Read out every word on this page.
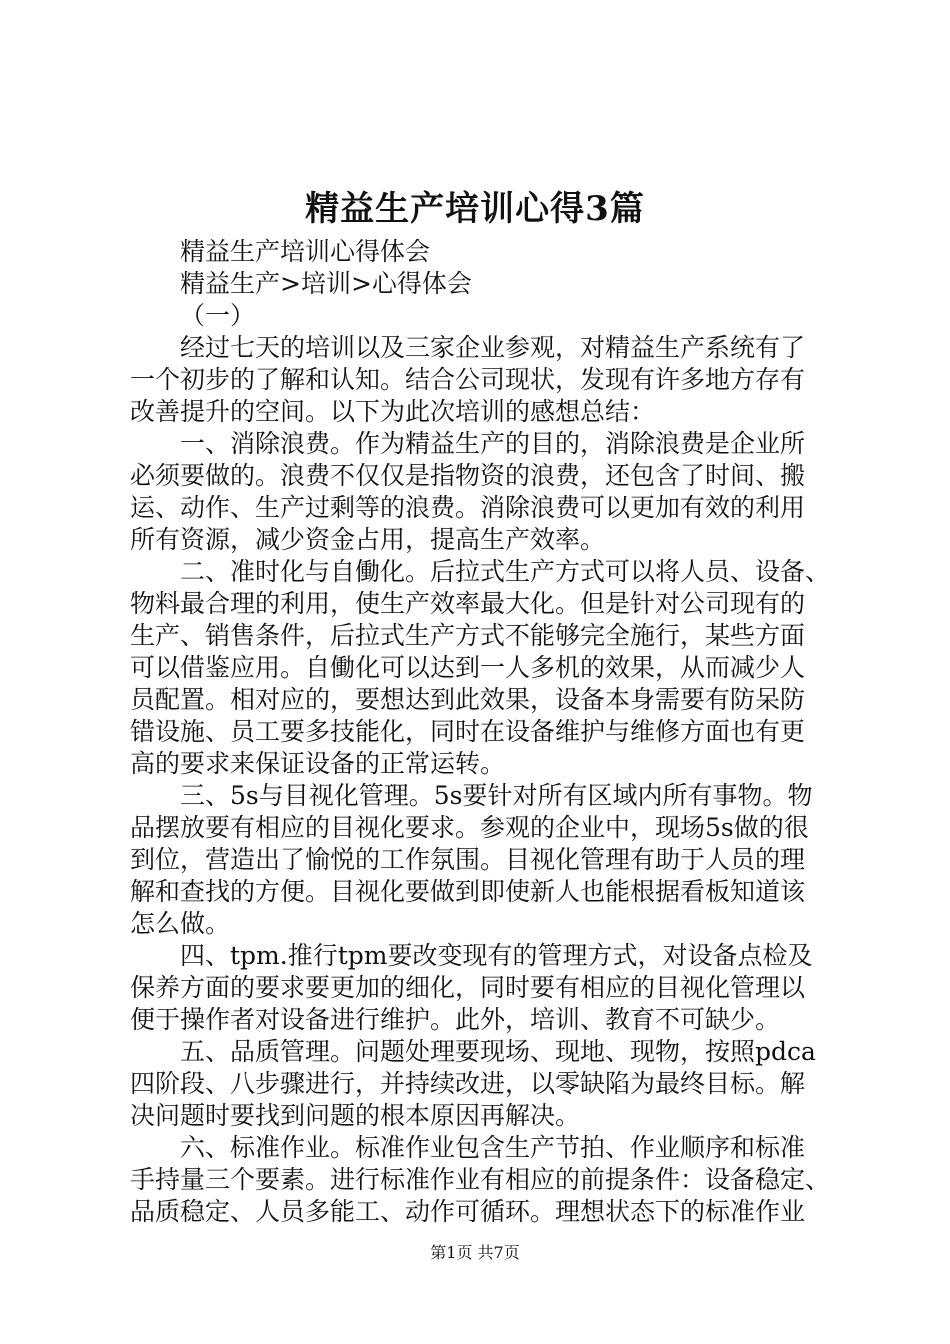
精益生产培训心得3篇
精益生产培训心得体会
精益生产>培训>心得体会
（一）
经过七天的培训以及三家企业参观，对精益生产系统有了
一个初步的了解和认知。结合公司现状，发现有许多地方存有
改善提升的空间。以下为此次培训的感想总结：
一、消除浪费。作为精益生产的目的，消除浪费是企业所
必须要做的。浪费不仅仅是指物资的浪费，还包含了时间、搬
运、动作、生产过剩等的浪费。消除浪费可以更加有效的利用
所有资源，减少资金占用，提高生产效率。
二、准时化与自働化。后拉式生产方式可以将人员、设备、
物料最合理的利用，使生产效率最大化。但是针对公司现有的
生产、销售条件，后拉式生产方式不能够完全施行，某些方面
可以借鉴应用。自働化可以达到一人多机的效果，从而减少人
员配置。相对应的，要想达到此效果，设备本身需要有防呆防
错设施、员工要多技能化，同时在设备维护与维修方面也有更
高的要求来保证设备的正常运转。
三、5s与目视化管理。5s要针对所有区域内所有事物。物
品摆放要有相应的目视化要求。参观的企业中，现场5s做的很
到位，营造出了愉悦的工作氛围。目视化管理有助于人员的理
解和查找的方便。目视化要做到即使新人也能根据看板知道该
怎么做。
四、tpm.推行tpm要改变现有的管理方式，对设备点检及
保养方面的要求要更加的细化，同时要有相应的目视化管理以
便于操作者对设备进行维护。此外，培训、教育不可缺少。
五、品质管理。问题处理要现场、现地、现物，按照pdca
四阶段、八步骤进行，并持续改进，以零缺陷为最终目标。解
决问题时要找到问题的根本原因再解决。
六、标准作业。标准作业包含生产节拍、作业顺序和标准
手持量三个要素。进行标准作业有相应的前提条件：设备稳定、
品质稳定、人员多能工、动作可循环。理想状态下的标准作业
第1页 共7页
